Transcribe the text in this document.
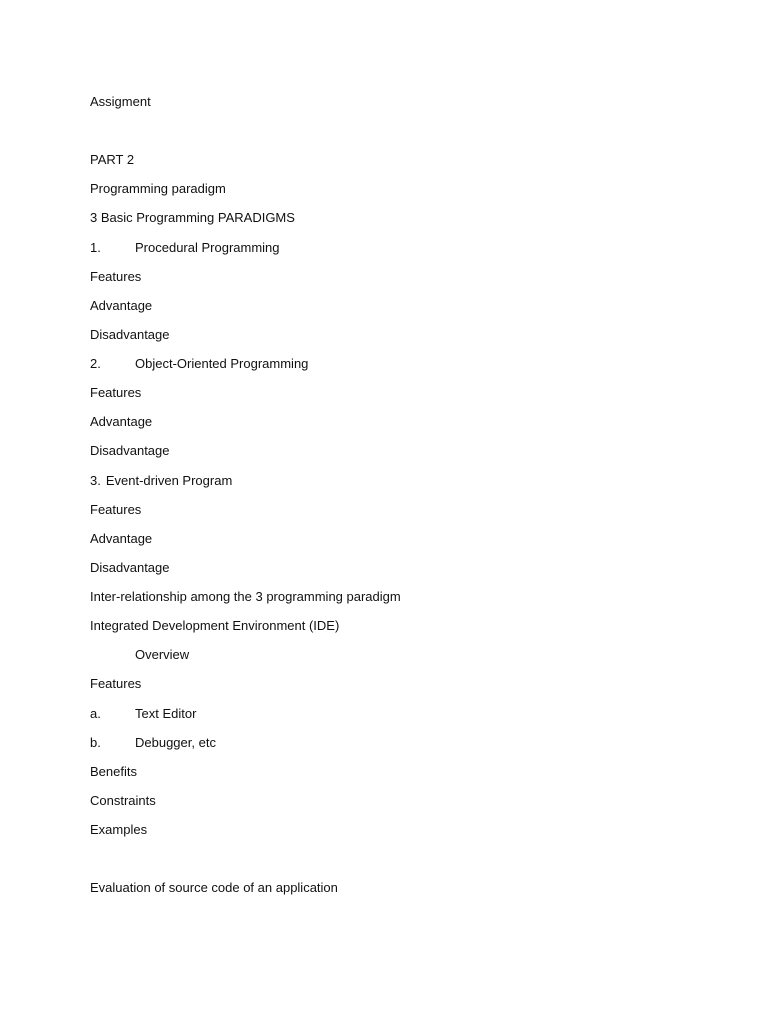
Assigment
PART 2
Programming paradigm
3 Basic Programming PARADIGMS
1.	Procedural Programming
Features
Advantage
Disadvantage
2.	Object-Oriented Programming
Features
Advantage
Disadvantage
3. Event-driven Program
Features
Advantage
Disadvantage
Inter-relationship among the 3 programming paradigm
Integrated Development Environment (IDE)
Overview
Features
a.	Text Editor
b.	Debugger, etc
Benefits
Constraints
Examples
Evaluation of source code of an application
